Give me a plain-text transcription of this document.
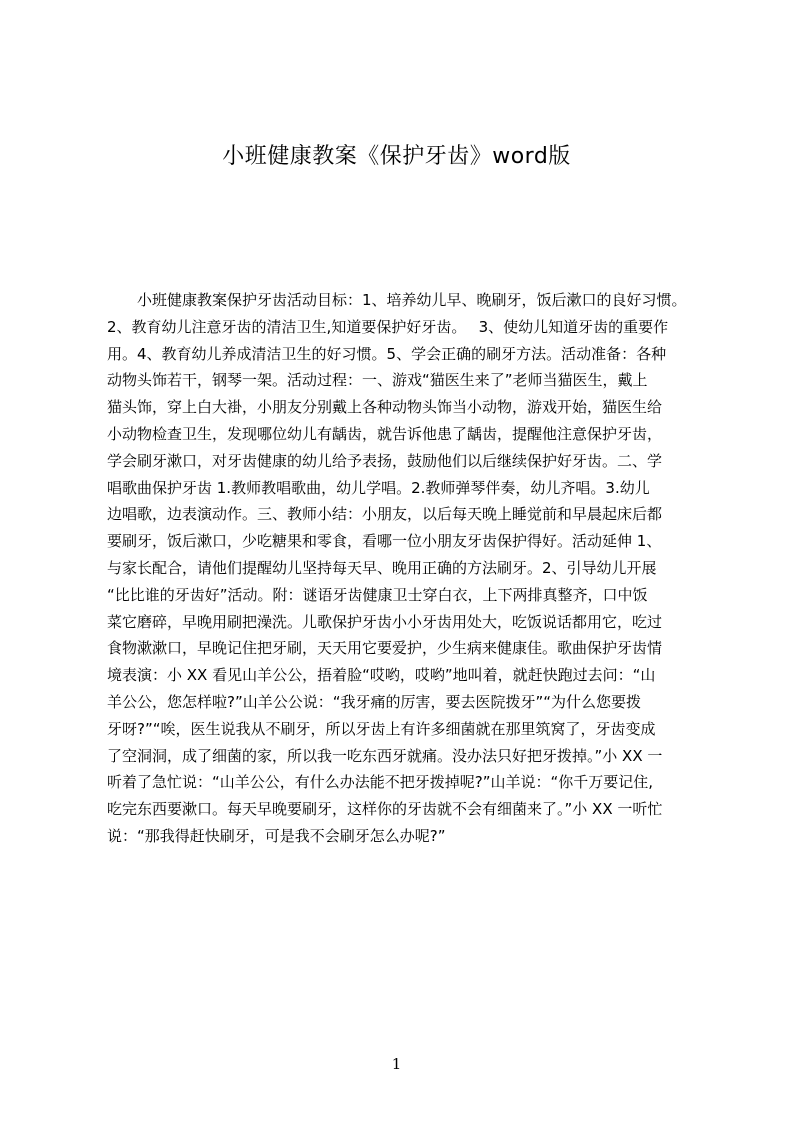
小班健康教案《保护牙齿》word版
　　小班健康教案保护牙齿活动目标：1、培养幼儿早、晚刷牙，饭后漱口的良好习惯。
2、教育幼儿注意牙齿的清洁卫生,知道要保护好牙齿。　 3、使幼儿知道牙齿的重要作
用。4、教育幼儿养成清洁卫生的好习惯。5、学会正确的刷牙方法。活动准备：各种
动物头饰若干，钢琴一架。活动过程：一、游戏“猫医生来了”老师当猫医生，戴上
猫头饰，穿上白大褂，小朋友分别戴上各种动物头饰当小动物，游戏开始，猫医生给
小动物检查卫生，发现哪位幼儿有龋齿，就告诉他患了龋齿，提醒他注意保护牙齿，
学会刷牙漱口，对牙齿健康的幼儿给予表扬，鼓励他们以后继续保护好牙齿。二、学
唱歌曲保护牙齿 1.教师教唱歌曲，幼儿学唱。2.教师弹琴伴奏，幼儿齐唱。3.幼儿
边唱歌，边表演动作。三、教师小结：小朋友，以后每天晚上睡觉前和早晨起床后都
要刷牙，饭后漱口，少吃糖果和零食，看哪一位小朋友牙齿保护得好。活动延伸 1、
与家长配合，请他们提醒幼儿坚持每天早、晚用正确的方法刷牙。2、引导幼儿开展
“比比谁的牙齿好”活动。附：谜语牙齿健康卫士穿白衣，上下两排真整齐，口中饭
菜它磨碎，早晚用刷把澡洗。儿歌保护牙齿小小牙齿用处大，吃饭说话都用它，吃过
食物漱漱口，早晚记住把牙刷，天天用它要爱护，少生病来健康佳。歌曲保护牙齿情
境表演：小 XX 看见山羊公公，捂着脸“哎哟，哎哟”地叫着，就赶快跑过去问：“山
羊公公，您怎样啦?”山羊公公说：“我牙痛的厉害，要去医院拨牙”“为什么您要拨
牙呀?”“唉，医生说我从不刷牙，所以牙齿上有许多细菌就在那里筑窝了，牙齿变成
了空洞洞，成了细菌的家，所以我一吃东西牙就痛。没办法只好把牙拨掉。”小 XX 一
听着了急忙说：“山羊公公，有什么办法能不把牙拨掉呢?”山羊说：“你千万要记住,
吃完东西要漱口。每天早晚要刷牙，这样你的牙齿就不会有细菌来了。”小 XX 一听忙
说：“那我得赶快刷牙，可是我不会刷牙怎么办呢?”
1
